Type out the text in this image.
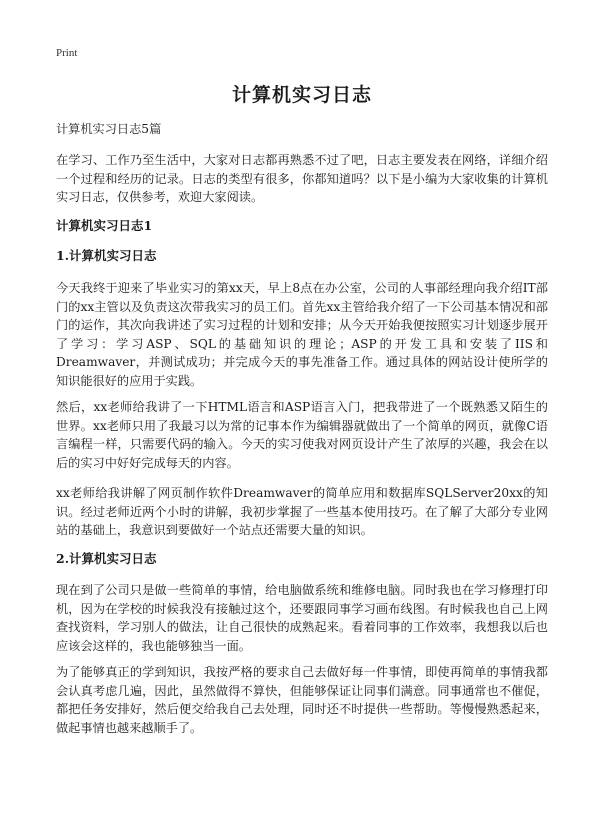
Print
计算机实习日志
计算机实习日志5篇
在学习、工作乃至生活中，大家对日志都再熟悉不过了吧，日志主要发表在网络，详细介绍一个过程和经历的记录。日志的类型有很多，你都知道吗？以下是小编为大家收集的计算机实习日志，仅供参考，欢迎大家阅读。
计算机实习日志1
1.计算机实习日志
今天我终于迎来了毕业实习的第xx天，早上8点在办公室，公司的人事部经理向我介绍IT部门的xx主管以及负责这次带我实习的员工们。首先xx主管给我介绍了一下公司基本情况和部门的运作，其次向我讲述了实习过程的计划和安排；从今天开始我便按照实习计划逐步展开了学习：学习ASP、SQL的基础知识的理论；ASP的开发工具和安装了IIS和Dreamwaver，并测试成功；并完成今天的事先准备工作。通过具体的网站设计使所学的知识能很好的应用于实践。
然后，xx老师给我讲了一下HTML语言和ASP语言入门，把我带进了一个既熟悉又陌生的世界。xx老师只用了我最习以为常的记事本作为编辑器就做出了一个简单的网页，就像C语言编程一样，只需要代码的输入。今天的实习使我对网页设计产生了浓厚的兴趣，我会在以后的实习中好好完成每天的内容。
xx老师给我讲解了网页制作软件Dreamwaver的简单应用和数据库SQLServer20xx的知识。经过老师近两个小时的讲解，我初步掌握了一些基本使用技巧。在了解了大部分专业网站的基础上，我意识到要做好一个站点还需要大量的知识。
2.计算机实习日志
现在到了公司只是做一些简单的事情，给电脑做系统和维修电脑。同时我也在学习修理打印机，因为在学校的时候我没有接触过这个，还要跟同事学习画布线图。有时候我也自己上网查找资料，学习别人的做法，让自己很快的成熟起来。看着同事的工作效率，我想我以后也应该会这样的，我也能够独当一面。
为了能够真正的学到知识，我按严格的要求自己去做好每一件事情，即使再简单的事情我都会认真考虑几遍，因此，虽然做得不算快，但能够保证让同事们满意。同事通常也不催促，都把任务安排好，然后便交给我自己去处理，同时还不时提供一些帮助。等慢慢熟悉起来，做起事情也越来越顺手了。
